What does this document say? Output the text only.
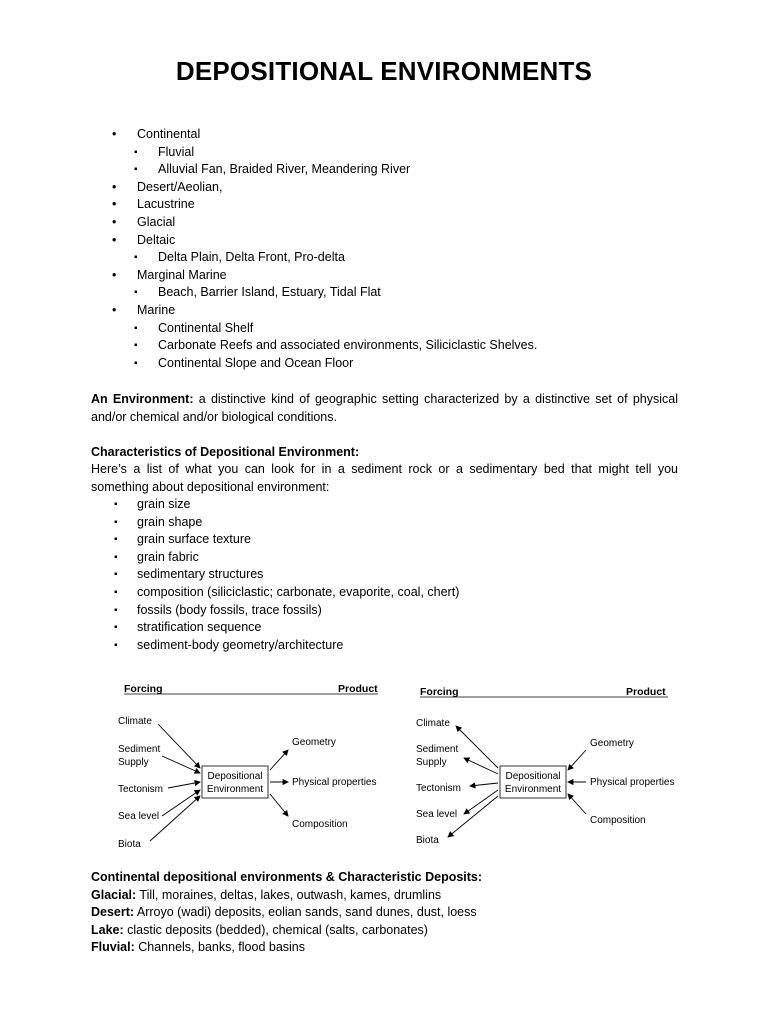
DEPOSITIONAL ENVIRONMENTS
• Continental
▪ Fluvial
▪ Alluvial Fan, Braided River, Meandering River
• Desert/Aeolian,
• Lacustrine
• Glacial
• Deltaic
▪ Delta Plain, Delta Front, Pro-delta
• Marginal Marine
▪ Beach, Barrier Island, Estuary, Tidal Flat
• Marine
▪ Continental Shelf
▪ Carbonate Reefs and associated environments, Siliciclastic Shelves.
▪ Continental Slope and Ocean Floor

An Environment: a distinctive kind of geographic setting characterized by a distinctive set of physical and/or chemical and/or biological conditions.

Characteristics of Depositional Environment:
Here’s a list of what you can look for in a sediment rock or a sedimentary bed that might tell you something about depositional environment:
▪ grain size
▪ grain shape
▪ grain surface texture
▪ grain fabric
▪ sedimentary structures
▪ composition (siliciclastic; carbonate, evaporite, coal, chert)
▪ fossils (body fossils, trace fossils)
▪ stratification sequence
▪ sediment-body geometry/architecture
Forcing	Product
Climate
Sediment
Supply
Tectonism
Sea level
Biota
Depositional
Environment
Geometry
Physical properties
Composition
Forcing	Product
Climate
Sediment
Supply
Tectonism
Sea level
Biota
Depositional
Environment
Geometry
Physical properties
Composition
Continental depositional environments & Characteristic Deposits:
Glacial: Till, moraines, deltas, lakes, outwash, kames, drumlins
Desert: Arroyo (wadi) deposits, eolian sands, sand dunes, dust, loess
Lake: clastic deposits (bedded), chemical (salts, carbonates)
Fluvial: Channels, banks, flood basins
